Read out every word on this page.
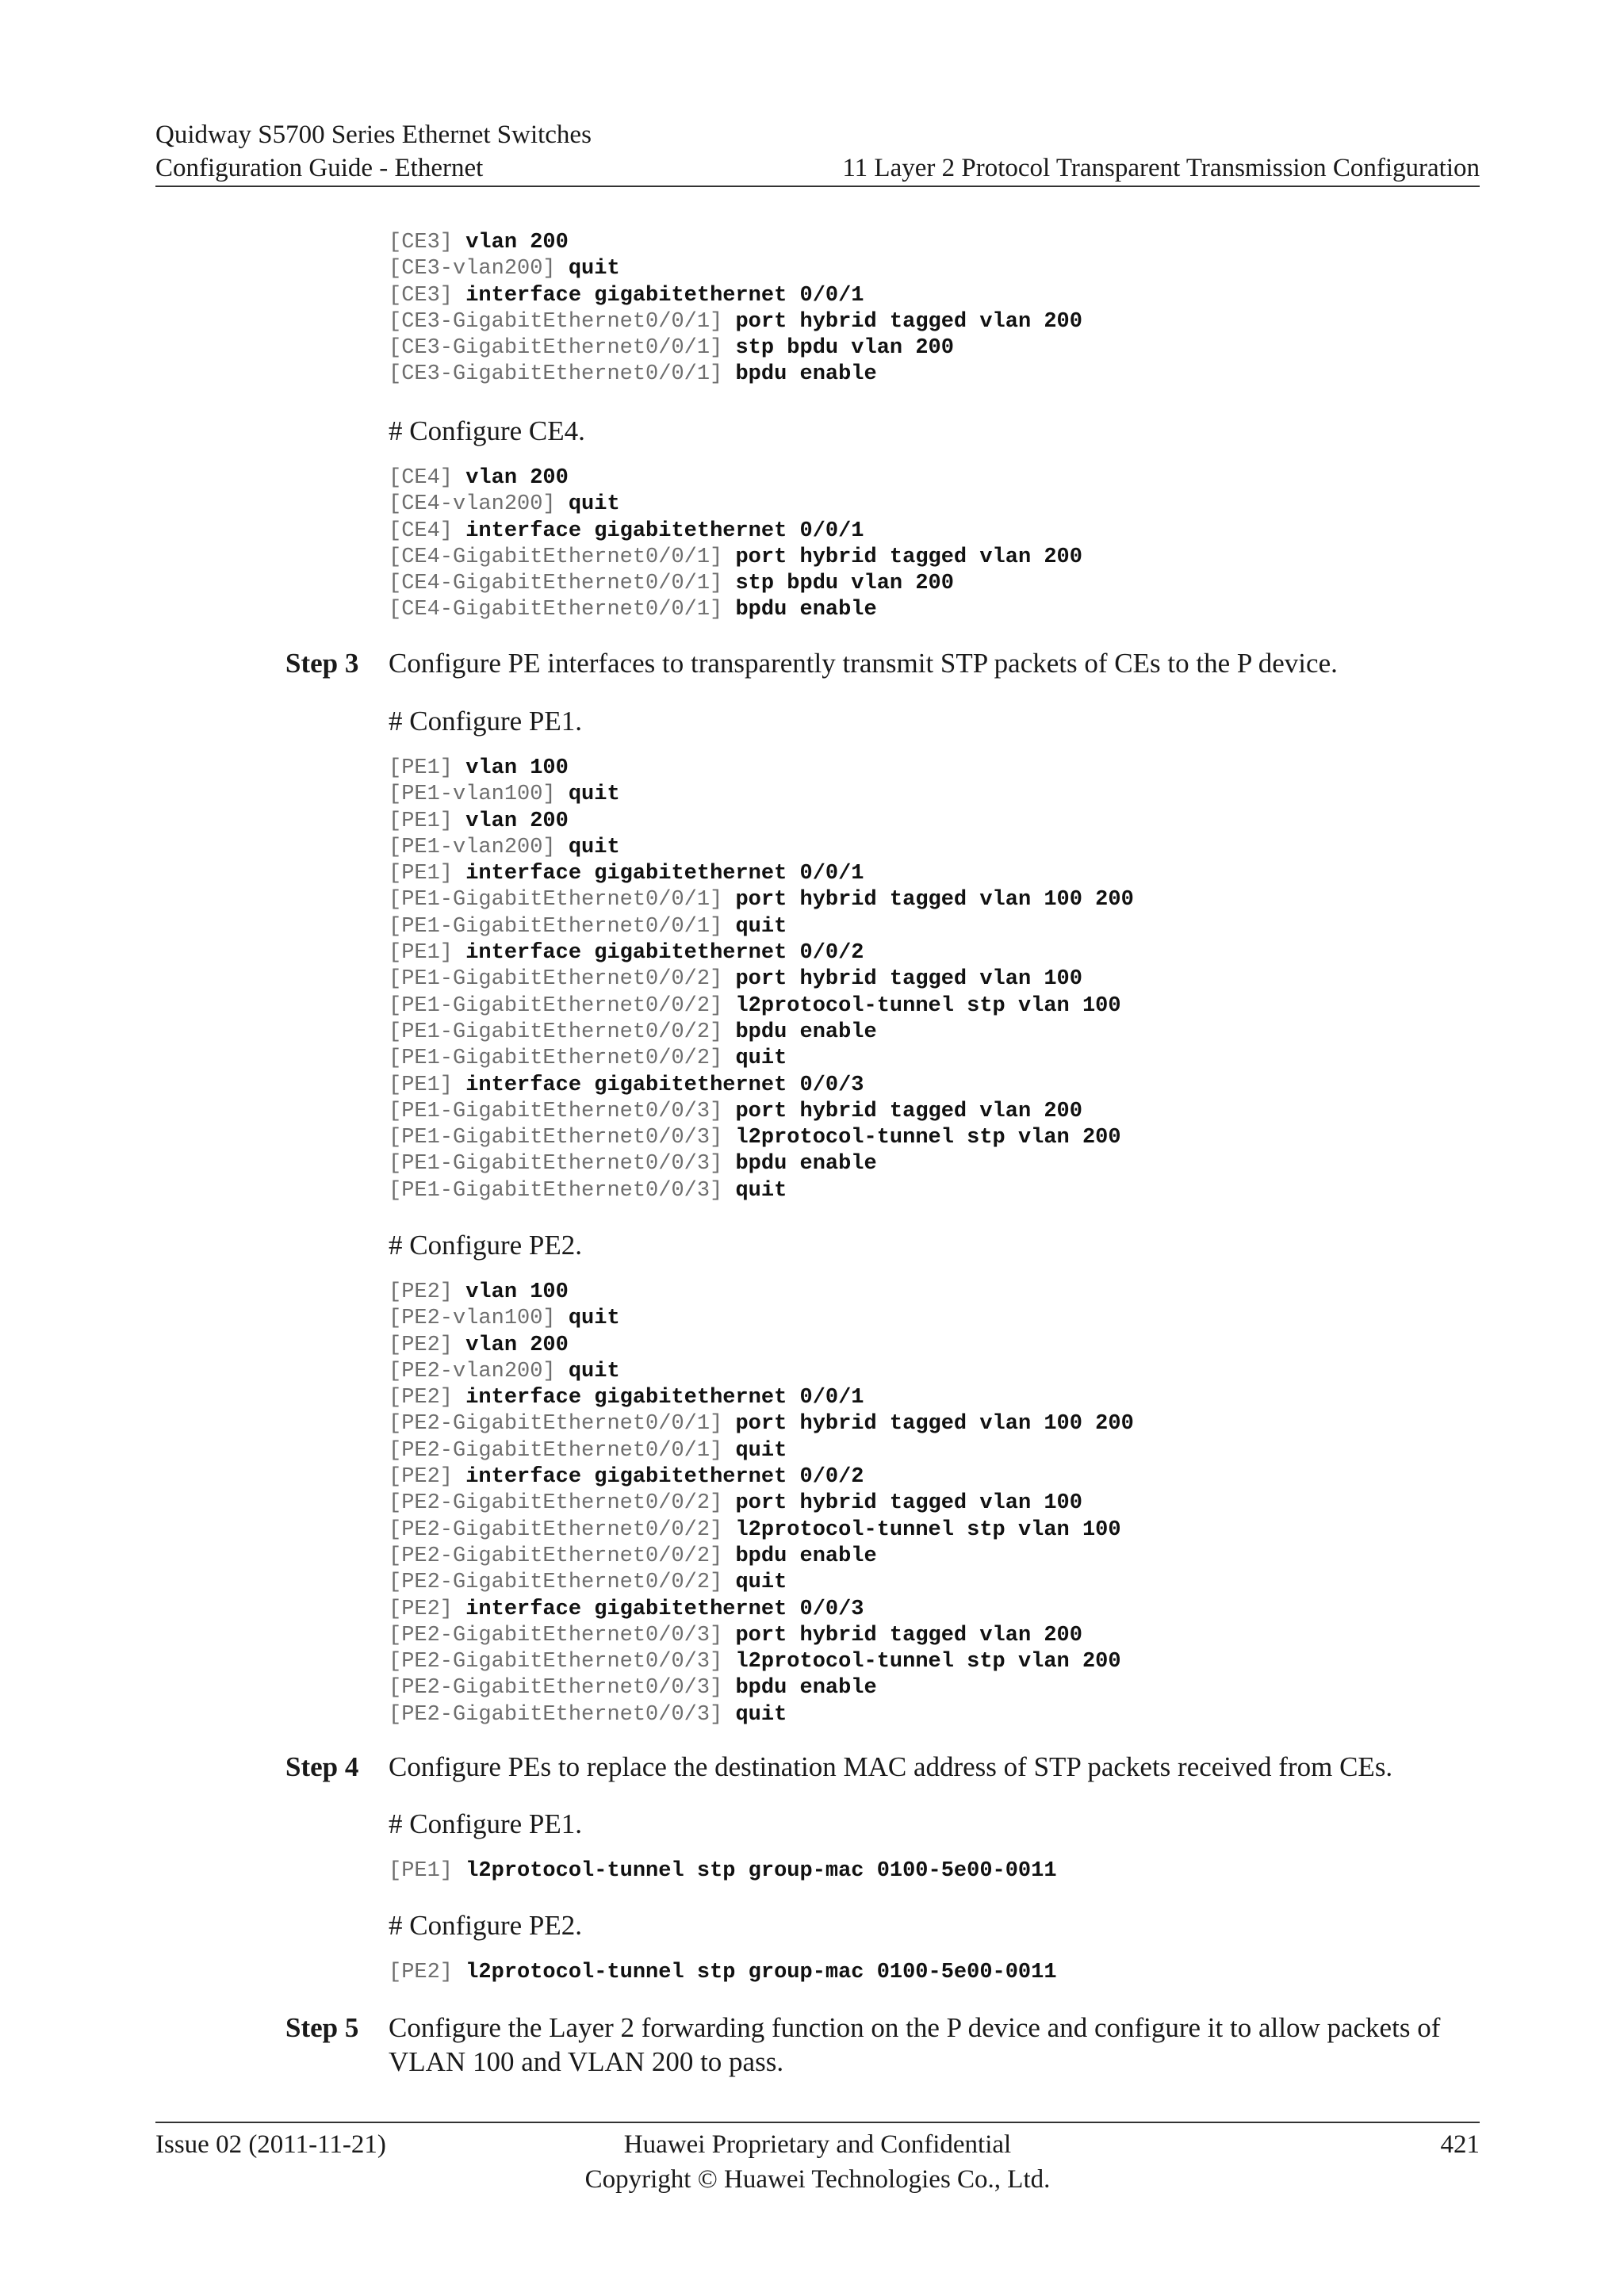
Quidway S5700 Series Ethernet Switches
Configuration Guide - Ethernet	11 Layer 2 Protocol Transparent Transmission Configuration
[CE3] vlan 200
[CE3-vlan200] quit
[CE3] interface gigabitethernet 0/0/1
[CE3-GigabitEthernet0/0/1] port hybrid tagged vlan 200
[CE3-GigabitEthernet0/0/1] stp bpdu vlan 200
[CE3-GigabitEthernet0/0/1] bpdu enable
# Configure CE4.
[CE4] vlan 200
[CE4-vlan200] quit
[CE4] interface gigabitethernet 0/0/1
[CE4-GigabitEthernet0/0/1] port hybrid tagged vlan 200
[CE4-GigabitEthernet0/0/1] stp bpdu vlan 200
[CE4-GigabitEthernet0/0/1] bpdu enable
Step 3 Configure PE interfaces to transparently transmit STP packets of CEs to the P device.
# Configure PE1.
[PE1] vlan 100
[PE1-vlan100] quit
[PE1] vlan 200
[PE1-vlan200] quit
[PE1] interface gigabitethernet 0/0/1
[PE1-GigabitEthernet0/0/1] port hybrid tagged vlan 100 200
[PE1-GigabitEthernet0/0/1] quit
[PE1] interface gigabitethernet 0/0/2
[PE1-GigabitEthernet0/0/2] port hybrid tagged vlan 100
[PE1-GigabitEthernet0/0/2] l2protocol-tunnel stp vlan 100
[PE1-GigabitEthernet0/0/2] bpdu enable
[PE1-GigabitEthernet0/0/2] quit
[PE1] interface gigabitethernet 0/0/3
[PE1-GigabitEthernet0/0/3] port hybrid tagged vlan 200
[PE1-GigabitEthernet0/0/3] l2protocol-tunnel stp vlan 200
[PE1-GigabitEthernet0/0/3] bpdu enable
[PE1-GigabitEthernet0/0/3] quit
# Configure PE2.
[PE2] vlan 100
[PE2-vlan100] quit
[PE2] vlan 200
[PE2-vlan200] quit
[PE2] interface gigabitethernet 0/0/1
[PE2-GigabitEthernet0/0/1] port hybrid tagged vlan 100 200
[PE2-GigabitEthernet0/0/1] quit
[PE2] interface gigabitethernet 0/0/2
[PE2-GigabitEthernet0/0/2] port hybrid tagged vlan 100
[PE2-GigabitEthernet0/0/2] l2protocol-tunnel stp vlan 100
[PE2-GigabitEthernet0/0/2] bpdu enable
[PE2-GigabitEthernet0/0/2] quit
[PE2] interface gigabitethernet 0/0/3
[PE2-GigabitEthernet0/0/3] port hybrid tagged vlan 200
[PE2-GigabitEthernet0/0/3] l2protocol-tunnel stp vlan 200
[PE2-GigabitEthernet0/0/3] bpdu enable
[PE2-GigabitEthernet0/0/3] quit
Step 4 Configure PEs to replace the destination MAC address of STP packets received from CEs.
# Configure PE1.
[PE1] l2protocol-tunnel stp group-mac 0100-5e00-0011
# Configure PE2.
[PE2] l2protocol-tunnel stp group-mac 0100-5e00-0011
Step 5 Configure the Layer 2 forwarding function on the P device and configure it to allow packets of VLAN 100 and VLAN 200 to pass.
Issue 02 (2011-11-21)	Huawei Proprietary and Confidential
Copyright © Huawei Technologies Co., Ltd.
421
